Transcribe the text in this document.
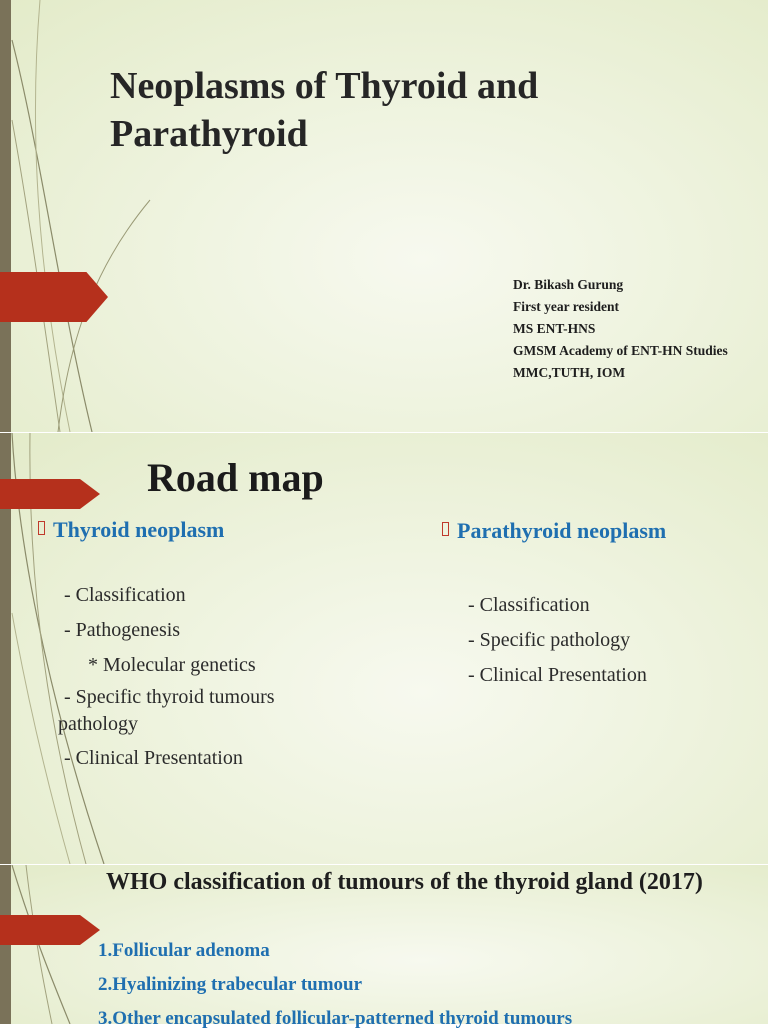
Neoplasms of Thyroid and Parathyroid
Dr. Bikash Gurung
First year resident
MS ENT-HNS
GMSM Academy of ENT-HN Studies
MMC,TUTH, IOM
Road map
Thyroid neoplasm
- Classification
- Pathogenesis
* Molecular genetics
- Specific thyroid tumours
pathology
- Clinical Presentation
Parathyroid neoplasm
- Classification
- Specific pathology
- Clinical Presentation
WHO classification of tumours of the thyroid gland (2017)
1.Follicular adenoma
2.Hyalinizing trabecular tumour
3.Other encapsulated follicular-patterned thyroid tumours
